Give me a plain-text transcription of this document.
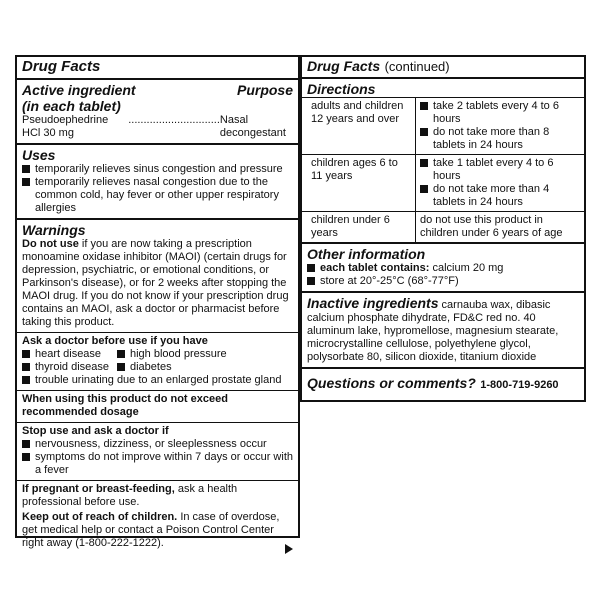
Drug Facts
Active ingredient	Purpose
(in each tablet)
Pseudoephedrine HCl 30 mg
.............................. Nasal decongestant
Uses
temporarily relieves sinus congestion and pressure
temporarily relieves nasal congestion due to the common cold, hay fever or other upper respiratory allergies
Warnings
Do not use if you are now taking a prescription monoamine oxidase inhibitor (MAOI) (certain drugs for depression, psychiatric, or emotional conditions, or Parkinson's disease), or for 2 weeks after stopping the MAOI drug. If you do not know if your prescription drug contains an MAOI, ask a doctor or pharmacist before taking this product.
Ask a doctor before use if you have
heart disease	high blood pressure
thyroid disease	diabetes
trouble urinating due to an enlarged prostate gland
When using this product do not exceed recommended dosage
Stop use and ask a doctor if
nervousness, dizziness, or sleeplessness occur
symptoms do not improve within 7 days or occur with a fever
If pregnant or breast-feeding, ask a health professional before use.
Keep out of reach of children. In case of overdose, get medical help or contact a Poison Control Center right away (1-800-222-1222).
Drug Facts (continued)
Directions
adults and children 12 years and over	take 2 tablets every 4 to 6 hours
do not take more than 8 tablets in 24 hours

children ages 6 to 11 years	take 1 tablet every 4 to 6 hours
do not take more than 4 tablets in 24 hours

children under 6 years	do not use this product in children under 6 years of age
Other information
each tablet contains: calcium 20 mg
store at 20°-25°C (68°-77°F)
Inactive ingredients carnauba wax, dibasic calcium phosphate dihydrate, FD&C red no. 40 aluminum lake, hypromellose, magnesium stearate, microcrystalline cellulose, polyethylene glycol, polysorbate 80, silicon dioxide, titanium dioxide
Questions or comments? 1-800-719-9260
